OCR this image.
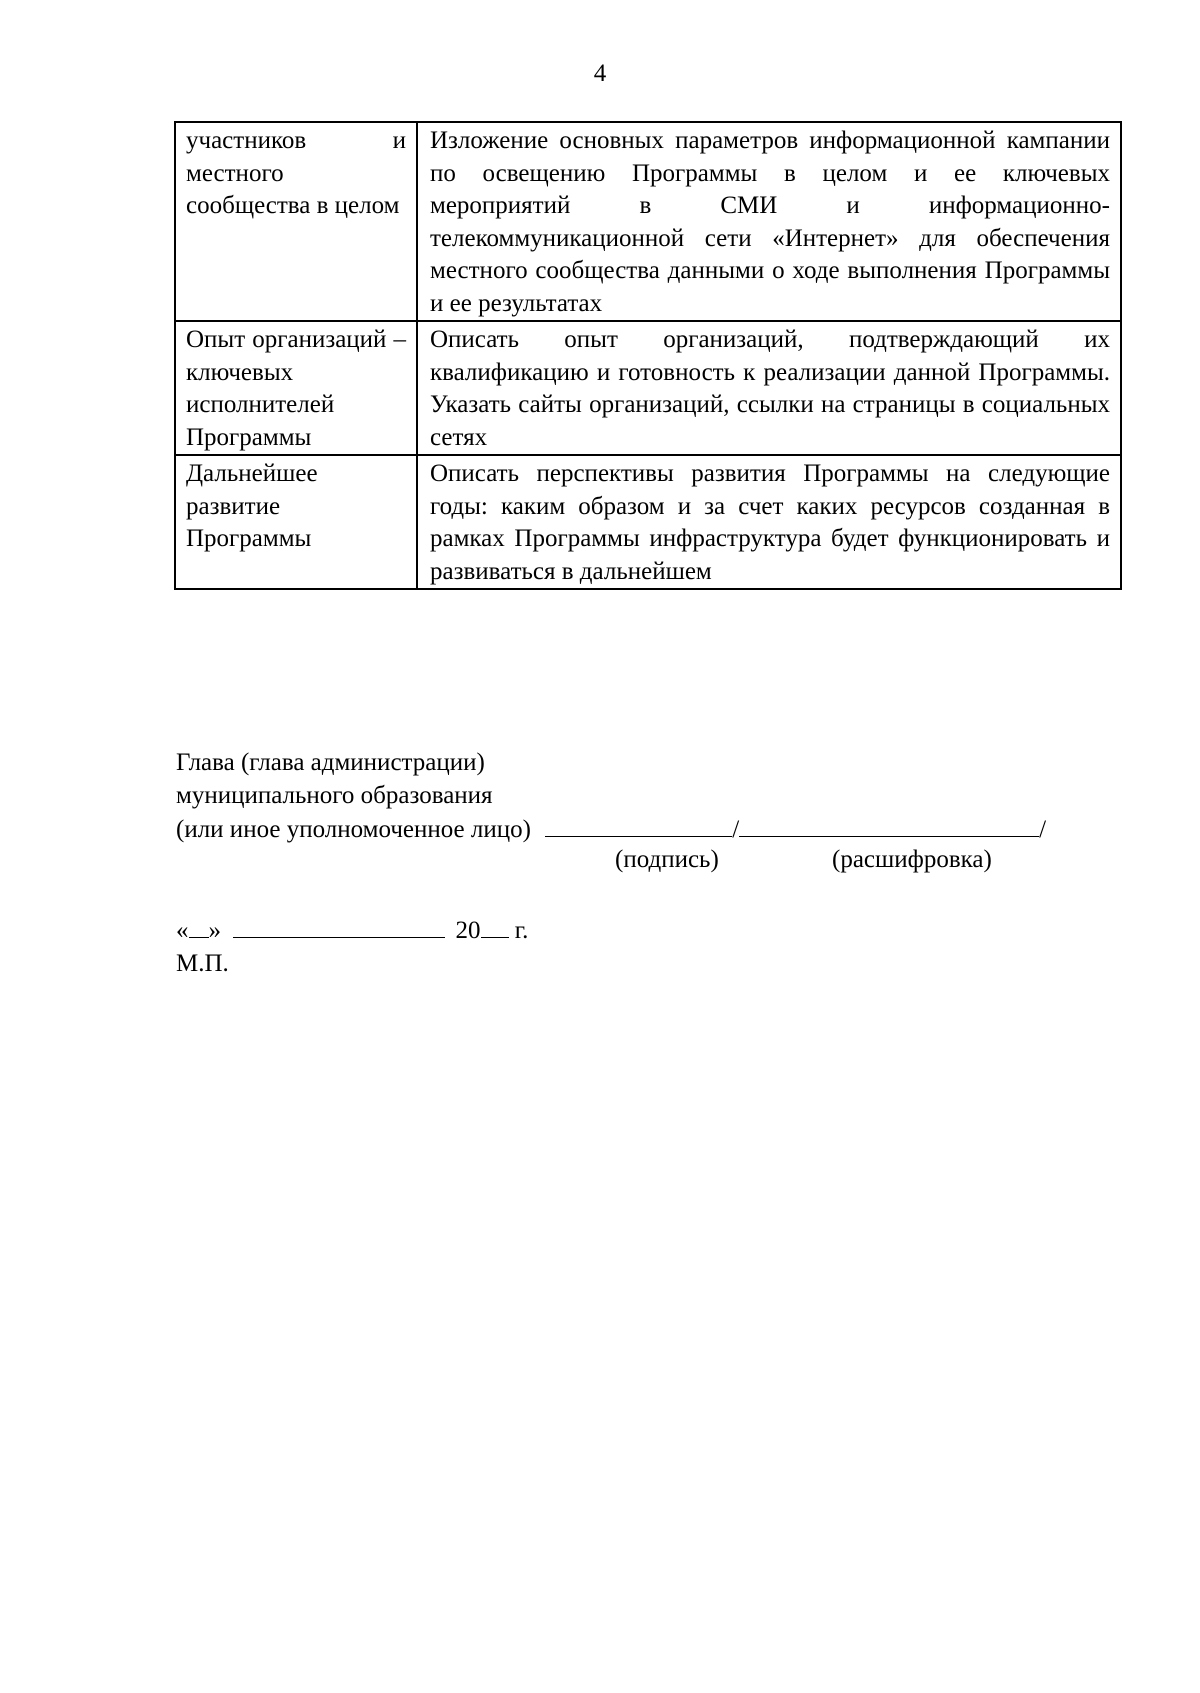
4
участников и местного сообщества в целом	Изложение основных параметров информационной кампании по освещению Программы в целом и ее ключевых мероприятий в СМИ и информационно-телекоммуникационной сети «Интернет» для обеспечения местного сообщества данными о ходе выполнения Программы и ее результатах
Опыт организаций – ключевых исполнителей Программы	Описать опыт организаций, подтверждающий их квалификацию и готовность к реализации данной Программы. Указать сайты организаций, ссылки на страницы в социальных сетях
Дальнейшее развитие Программы	Описать перспективы развития Программы на следующие годы: каким образом и за счет каких ресурсов созданная в рамках Программы инфраструктура будет функционировать и развиваться в дальнейшем
Глава (глава администрации)
муниципального образования
(или иное уполномоченное лицо)	/	/
(подпись)	(расшифровка)
« »	20 г.
М.П.
